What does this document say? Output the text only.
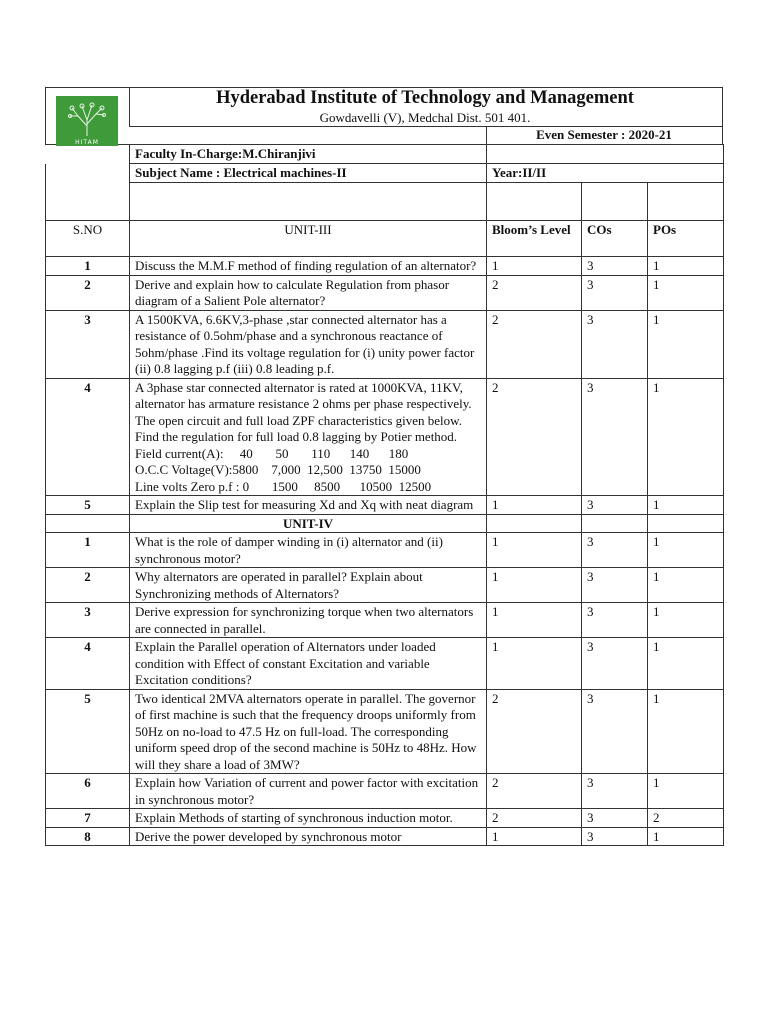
HITAM
Hyderabad Institute of Technology and Management
Gowdavelli (V), Medchal Dist. 501 401.
Even Semester : 2020-21
	Faculty In-Charge:M.Chiranjivi			
	Subject Name : Electrical machines-II	Year:II/II		

S.NO	UNIT-III	Bloom’s Level	COs	POs
1	Discuss the M.M.F method of finding regulation of an alternator?	1	3	1
2	Derive and explain how to calculate Regulation from phasor diagram of a Salient Pole alternator?	2	3	1
3	A 1500KVA, 6.6KV,3-phase ,star connected alternator has a resistance of 0.5ohm/phase and a synchronous reactance of 5ohm/phase .Find its voltage regulation for (i) unity power factor (ii) 0.8 lagging p.f (iii) 0.8 leading p.f.	2	3	1
4	A 3phase star connected alternator is rated at 1000KVA, 11KV, alternator has armature resistance 2 ohms per phase respectively. The open circuit and full load ZPF characteristics given below. Find the regulation for full load 0.8 lagging by Potier method.
Field current(A):     40       50       110      140      180
O.C.C Voltage(V):5800    7,000  12,500  13750  15000
Line volts Zero p.f : 0       1500     8500      10500  12500	2	3	1
5	Explain the Slip test for measuring Xd and Xq with neat diagram	1	3	1
	UNIT-IV			
1	What is the role of damper winding in (i) alternator and (ii) synchronous motor?	1	3	1
2	Why alternators are operated in parallel? Explain about Synchronizing methods of Alternators?	1	3	1
3	Derive expression for synchronizing torque when two alternators are connected in parallel.	1	3	1
4	Explain the Parallel operation of Alternators under loaded condition with Effect of constant Excitation and variable Excitation conditions?	1	3	1
5	Two identical 2MVA alternators operate in parallel. The governor of first machine is such that the frequency droops uniformly from 50Hz on no-load to 47.5 Hz on full-load. The corresponding uniform speed drop of the second machine is 50Hz to 48Hz. How will they share a load of 3MW?	2	3	1
6	Explain how Variation of current and power factor with excitation in synchronous motor?	2	3	1
7	Explain Methods of starting of synchronous induction motor.	2	3	2
8	Derive the power developed by synchronous motor	1	3	1
